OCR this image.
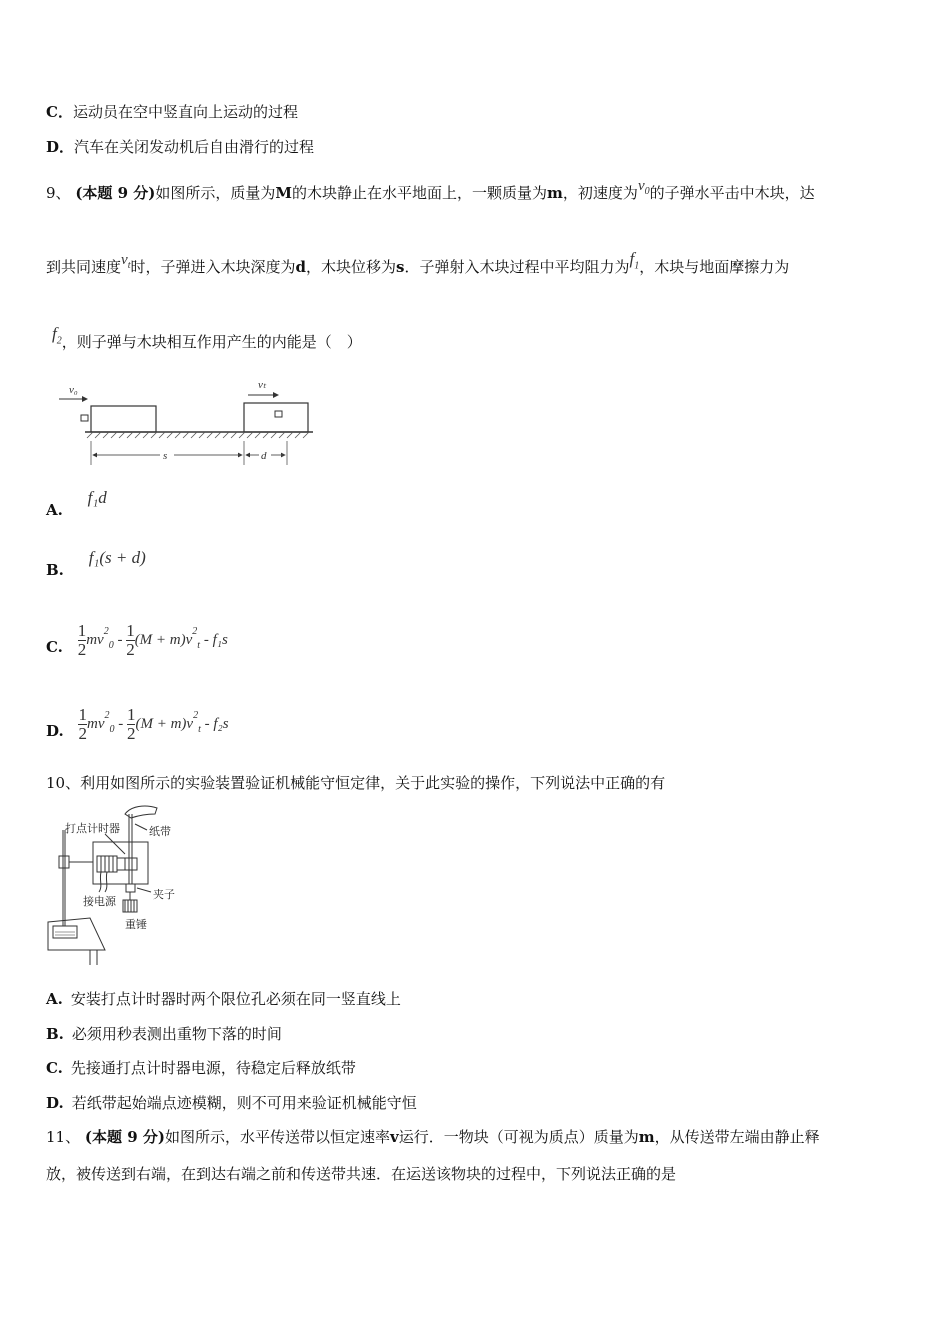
C．运动员在空中竖直向上运动的过程
D．汽车在关闭发动机后自由滑行的过程
9、 (本题 9 分)如图所示，质量为M的木块静止在水平地面上，一颗质量为m，初速度为$v_0$的子弹水平击中木块，达
到共同速度$v_t$时，子弹进入木块深度为d，木块位移为s．子弹射入木块过程中平均阻力为$f_1$，木块与地面摩擦力为
$f_2$，则子弹与木块相互作用产生的内能是（　）
v₀	vₜ
s	d
A. f₁d
B. f₁(s + d)
C. $\frac{1}{2} mv^2_0 - \frac{1}{2} (M + m)v^2_t - f_1s$
D. $\frac{1}{2} mv^2_0 - \frac{1}{2} (M + m)v^2_t - f_2s$
10、利用如图所示的实验装置验证机械能守恒定律，关于此实验的操作，下列说法中正确的有
打点计时器	纸带
夹子
接电源
重锤
A. 安装打点计时器时两个限位孔必须在同一竖直线上
B. 必须用秒表测出重物下落的时间
C. 先接通打点计时器电源，待稳定后释放纸带
D. 若纸带起始端点迹模糊，则不可用来验证机械能守恒
11、 (本题 9 分)如图所示，水平传送带以恒定速率v运行．一物块（可视为质点）质量为m，从传送带左端由静止释
放，被传送到右端，在到达右端之前和传送带共速．在运送该物块的过程中，下列说法正确的是
